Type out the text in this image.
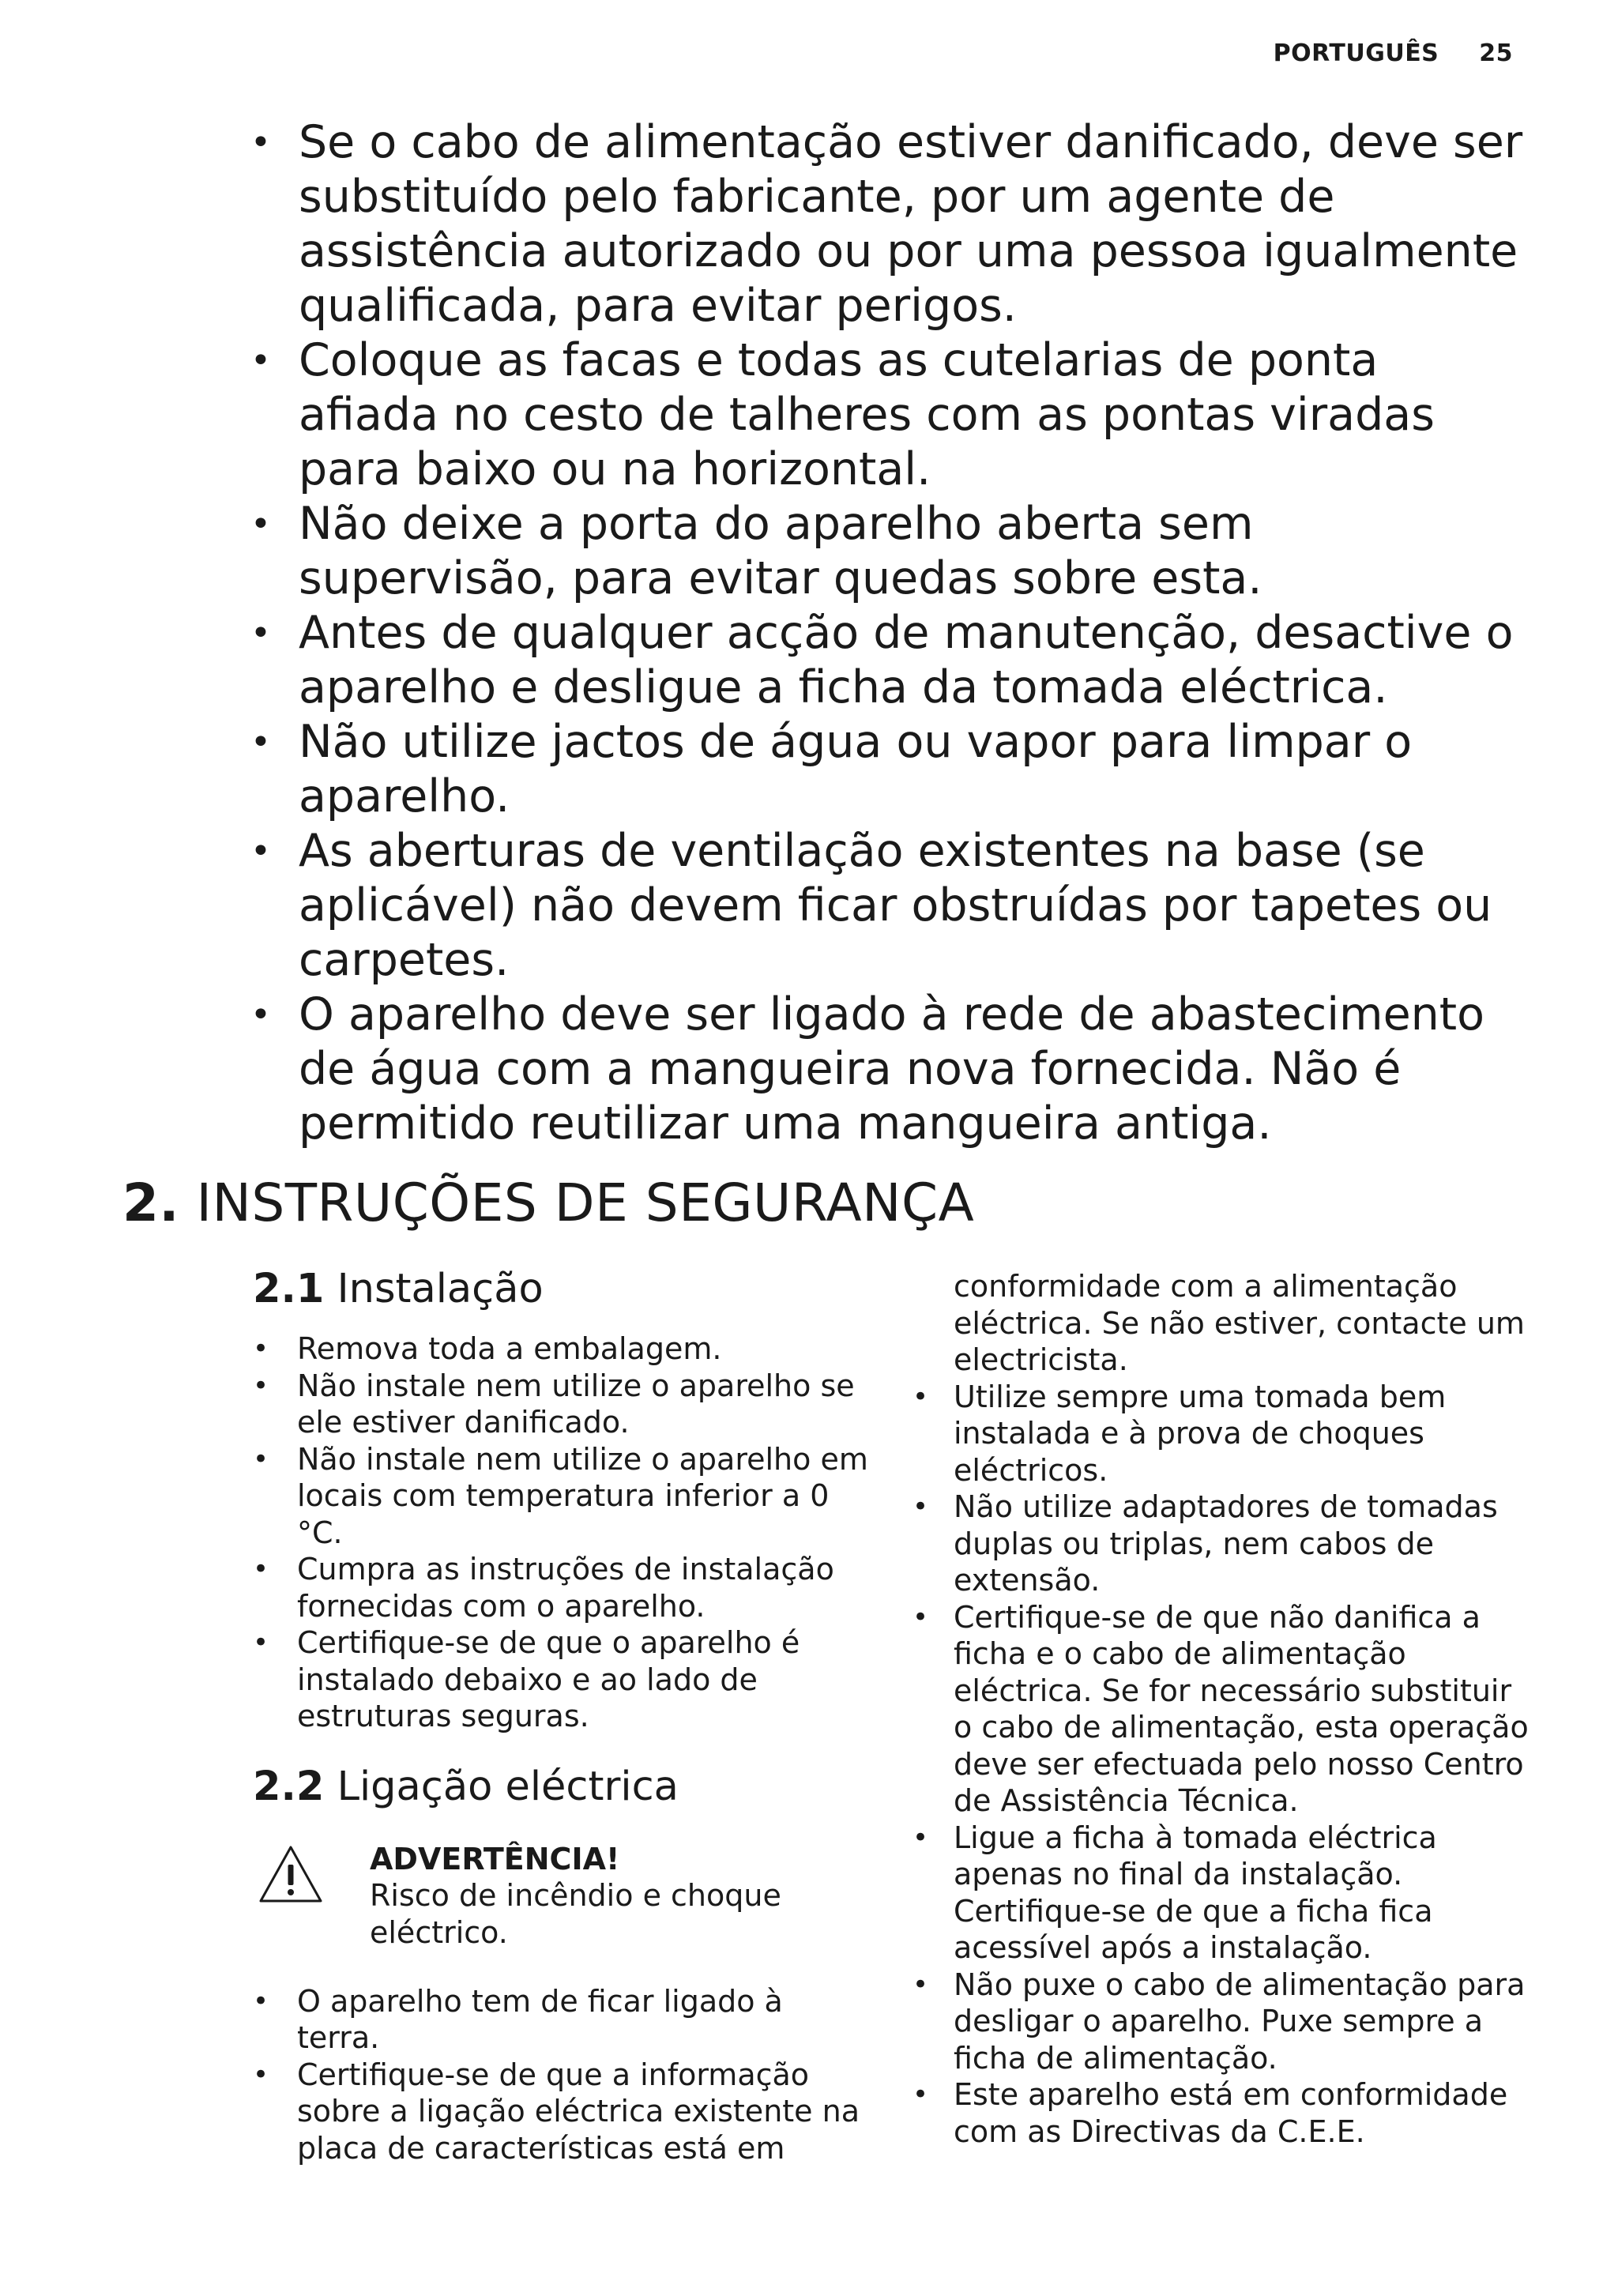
PORTUGUÊS 25
• Se o cabo de alimentação estiver danificado, deve ser substituído pelo fabricante, por um agente de assistência autorizado ou por uma pessoa igualmente qualificada, para evitar perigos.
• Coloque as facas e todas as cutelarias de ponta afiada no cesto de talheres com as pontas viradas para baixo ou na horizontal.
• Não deixe a porta do aparelho aberta sem supervisão, para evitar quedas sobre esta.
• Antes de qualquer acção de manutenção, desactive o aparelho e desligue a ficha da tomada eléctrica.
• Não utilize jactos de água ou vapor para limpar o aparelho.
• As aberturas de ventilação existentes na base (se aplicável) não devem ficar obstruídas por tapetes ou carpetes.
• O aparelho deve ser ligado à rede de abastecimento de água com a mangueira nova fornecida. Não é permitido reutilizar uma mangueira antiga.
2. INSTRUÇÕES DE SEGURANÇA
2.1 Instalação
• Remova toda a embalagem.
• Não instale nem utilize o aparelho se ele estiver danificado.
• Não instale nem utilize o aparelho em locais com temperatura inferior a 0 °C.
• Cumpra as instruções de instalação fornecidas com o aparelho.
• Certifique-se de que o aparelho é instalado debaixo e ao lado de estruturas seguras.
2.2 Ligação eléctrica
ADVERTÊNCIA!
Risco de incêndio e choque eléctrico.
• O aparelho tem de ficar ligado à terra.
• Certifique-se de que a informação sobre a ligação eléctrica existente na placa de características está em

conformidade com a alimentação eléctrica. Se não estiver, contacte um electricista.

• Utilize sempre uma tomada bem instalada e à prova de choques eléctricos.
• Não utilize adaptadores de tomadas duplas ou triplas, nem cabos de extensão.
• Certifique-se de que não danifica a ficha e o cabo de alimentação eléctrica. Se for necessário substituir o cabo de alimentação, esta operação deve ser efectuada pelo nosso Centro de Assistência Técnica.
• Ligue a ficha à tomada eléctrica apenas no final da instalação. Certifique-se de que a ficha fica acessível após a instalação.
• Não puxe o cabo de alimentação para desligar o aparelho. Puxe sempre a ficha de alimentação.
• Este aparelho está em conformidade com as Directivas da C.E.E.
